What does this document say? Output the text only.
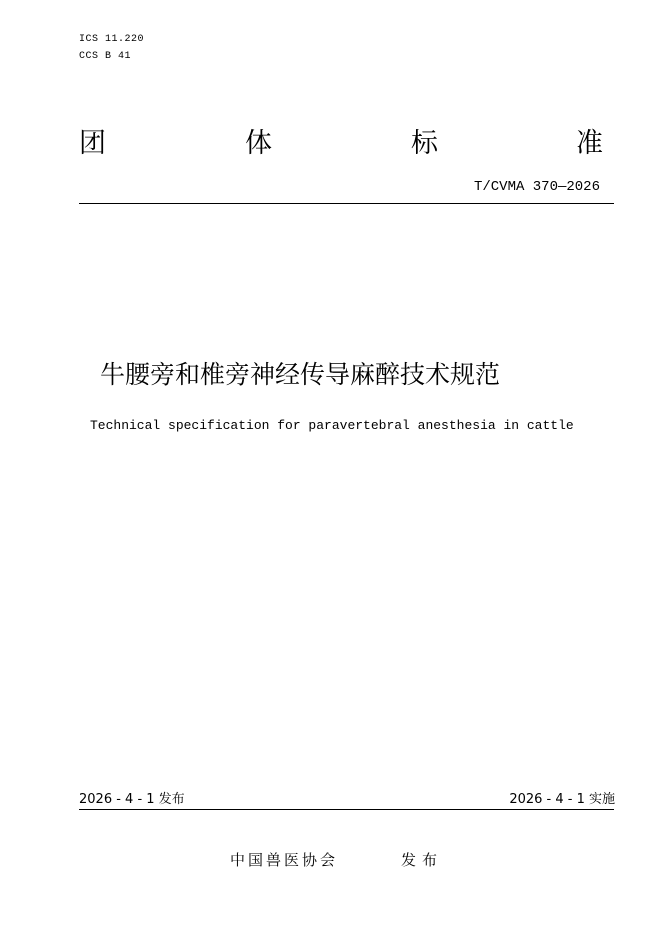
ICS 11.220
CCS B 41
团	体	标	准
T/CVMA 370—2026
牛腰旁和椎旁神经传导麻醉技术规范
Technical specification for paravertebral anesthesia in cattle
2026 - 4 - 1 发布	2026 - 4 - 1 实施
中国兽医协会	发布
